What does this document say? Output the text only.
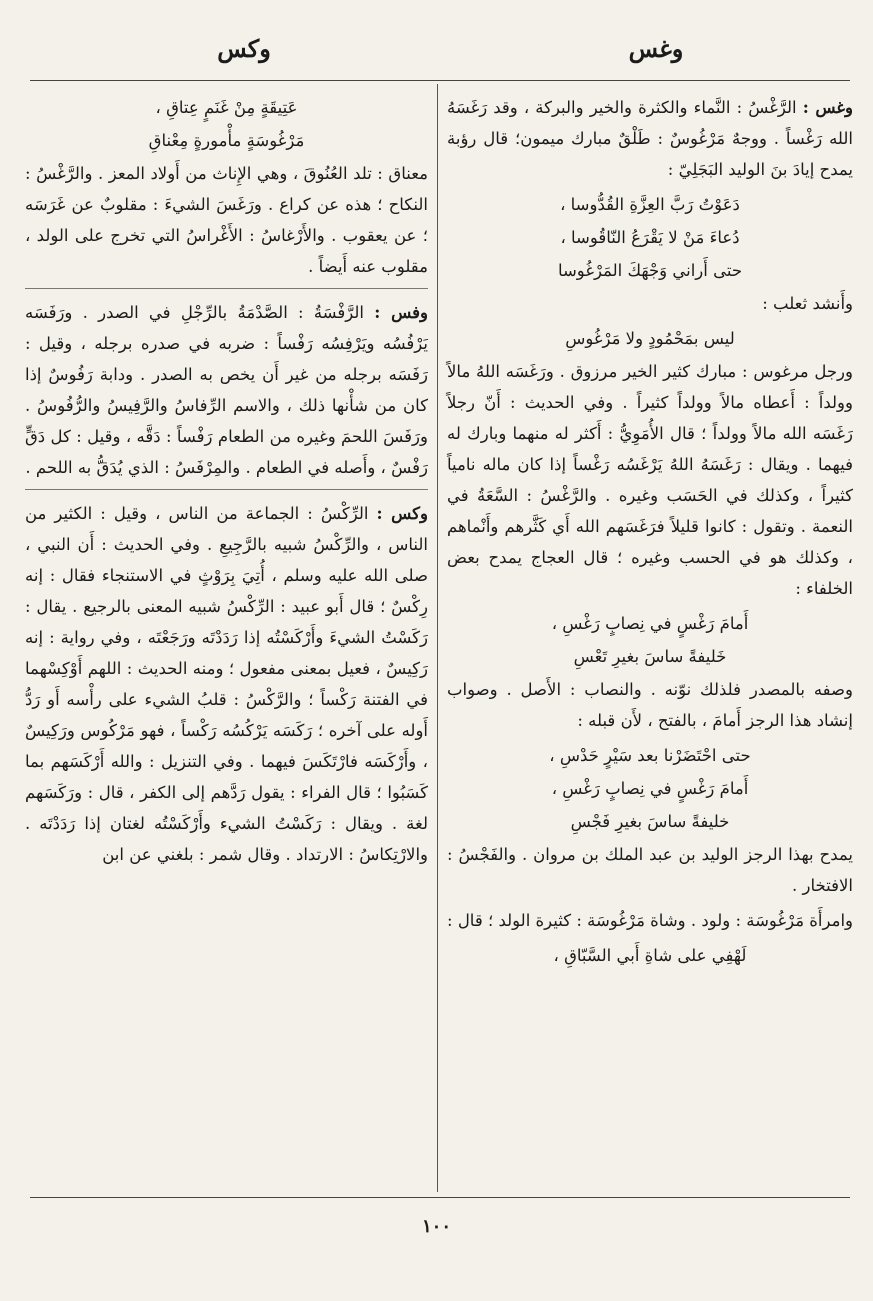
وغس
وكس

وغس : الرَّغْسُ : النَّماء والكثرة والخير والبركة ، وقد رَغَسَهُ الله رَغْساً . ووجهٌ مَرْغُوسٌ : طَلْقٌ مبارك ميمون؛ قال رؤبة يمدح إيادَ بنَ الوليد البَجَلِيّ :

دَعَوْتُ رَبَّ العِزَّةِ القُدُّوسا ،
دُعاءَ مَنْ لا يَقْرَعُ النّاقُوسا ،
حتى أَراني وَجْهَكَ المَرْغُوسا

وأَنشد ثعلب :

ليس بمَحْمُودٍ ولا مَرْغُوسِ

ورجل مرغوس : مبارك كثير الخير مرزوق . ورَغَسَه اللهُ مالاً وولداً : أَعطاه مالاً وولداً كثيراً . وفي الحديث : أَنّ رجلاً رَغَسَه الله مالاً وولداً ؛ قال الأُمَوِيُّ : أَكثر له منهما وبارك له فيهما . ويقال : رَغَسَهُ اللهُ يَرْغَسُه رَغْساً إذا كان ماله نامياً كثيراً ، وكذلك في الحَسَب وغيره . والرَّغْسُ : السَّعَةُ في النعمة . وتقول : كانوا قليلاً فرَغَسَهم الله أَي كَثَّرهم وأَنْماهم ، وكذلك هو في الحسب وغيره ؛ قال العجاج يمدح بعض الخلفاء :

أَمامَ رَغْسٍ في نِصابٍ رَغْسِ ،
خَليفةً ساسَ بغيرِ تَعْسِ

وصفه بالمصدر فلذلك نوّنه . والنصاب : الأَصل . وصواب إنشاد هذا الرجز أَمامَ ، بالفتح ، لأَن قبله :

حتى احْتَضَرْنا بعد سَيْرٍ حَدْسِ ،
أَمامَ رَغْسٍ في نِصابٍ رَغْسِ ،
خليفةً ساسَ بغيرِ فَجْسِ

يمدح بهذا الرجز الوليد بن عبد الملك بن مروان . والفَجْسُ : الافتخار .

وامرأَة مَرْغُوسَة : ولود . وشاة مَرْغُوسَة : كثيرة الولد ؛ قال :

لَهْفِي على شاةِ أَبي السَّبّاقِ ،
عَتِيقَةٍ مِنْ غَنَمٍ عِتاقِ ،
مَرْغُوسَةٍ مأْمورةٍ مِعْناقِ

معناق : تلد العُنُوقَ ، وهي الإِناث من أَولاد المعز . والرَّغْسُ : النكاح ؛ هذه عن كراع . ورَغَسَ الشيءَ : مقلوبٌ عن غَرَسَه ؛ عن يعقوب . والأَرْغاسُ : الأَغْراسُ التي تخرج على الولد ، مقلوب عنه أَيضاً .

وفس : الرَّفْسَةُ : الصَّدْمَةُ بالرِّجْلِ في الصدر . ورَفَسَه يَرْفُسُه ويَرْفِسُه رَفْساً : ضربه في صدره برجله ، وقيل : رَفَسَه برجله من غير أَن يخص به الصدر . ودابة رَفُوسٌ إذا كان من شأْنها ذلك ، والاسم الرِّفاسُ والرَّفِيسُ والرُّفُوسُ . ورَفَسَ اللحمَ وغيره من الطعام رَفْساً : دَقَّه ، وقيل : كل دَقٍّ رَفْسٌ ، وأَصله في الطعام . والمِرْفَسُ : الذي يُدَقُّ به اللحم .

وكس : الرِّكْسُ : الجماعة من الناس ، وقيل : الكثير من الناس ، والرِّكْسُ شبيه بالرَّجِيعِ . وفي الحديث : أَن النبي ، صلى الله عليه وسلم ، أُتِيَ بِرَوْثٍ في الاستنجاء فقال : إنه رِكْسٌ ؛ قال أَبو عبيد : الرِّكْسُ شبيه المعنى بالرجيع . يقال : رَكَسْتُ الشيءَ وأَرْكَسْتُه إذا رَدَدْتَه ورَجَعْتَه ، وفي رواية : إنه رَكِيسٌ ، فعيل بمعنى مفعول ؛ ومنه الحديث : اللهم أَوْكِسْهما في الفتنة رَكْساً ؛ والرَّكْسُ : قلبُ الشيء على رأْسه أَو رَدُّ أَوله على آخره ؛ رَكَسَه يَرْكُسُه رَكْساً ، فهو مَرْكُوس ورَكِيسٌ ، وأَرْكَسَه فارْتَكَسَ فيهما . وفي التنزيل : والله أَرْكَسَهم بما كَسَبُوا ؛ قال الفراء : يقول رَدَّهم إلى الكفر ، قال : ورَكَسَهم لغة . ويقال : رَكَسْتُ الشيء وأَرْكَسْتُه لغتان إذا رَدَدْتَه . والارْتِكاسُ : الارتداد . وقال شمر : بلغني عن ابن

١٠٠
